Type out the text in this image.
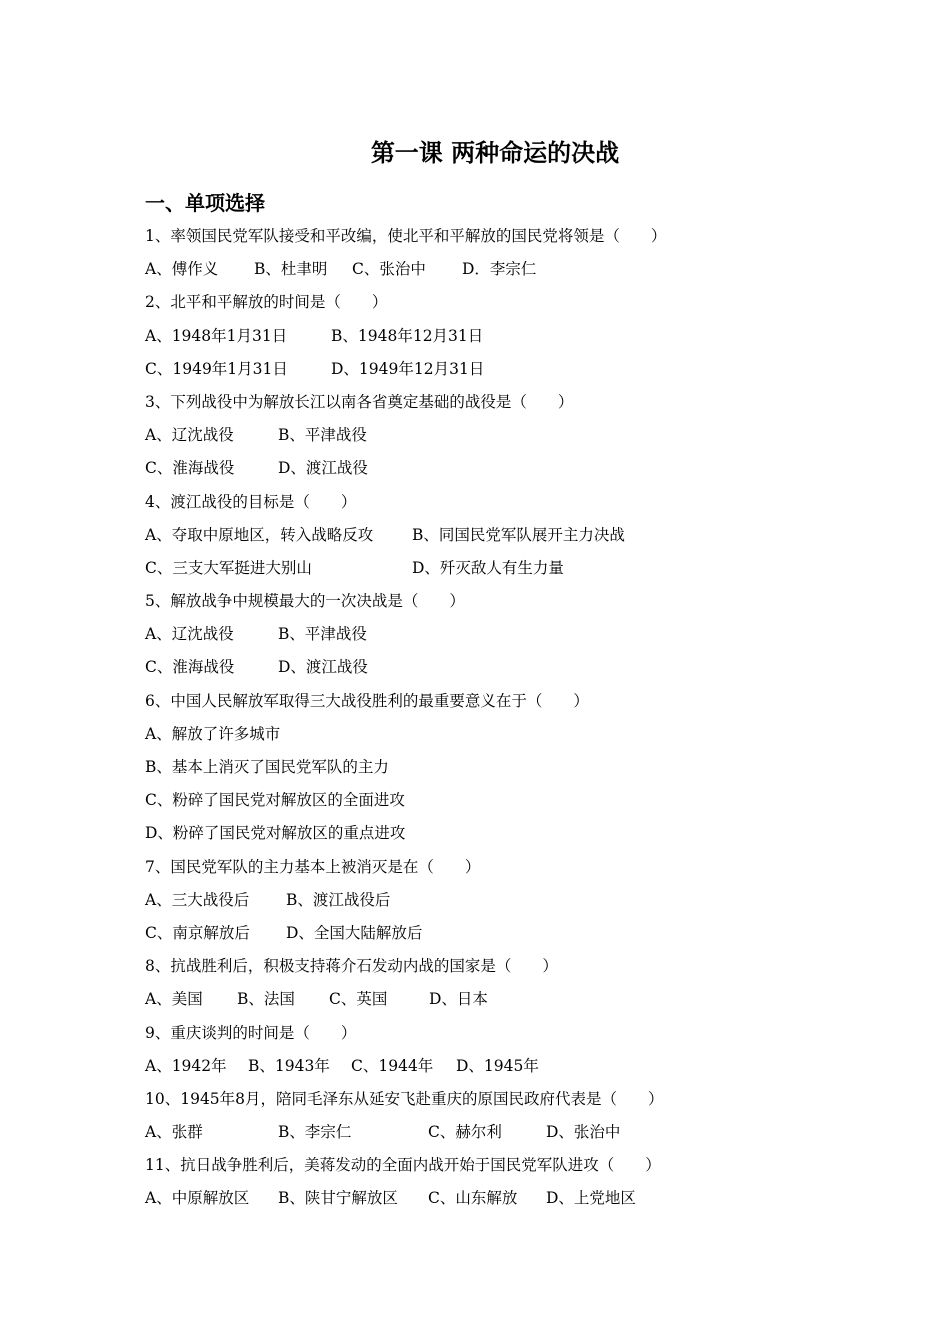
第一课 两种命运的决战
一、单项选择
1、率领国民党军队接受和平改编，使北平和平解放的国民党将领是（　　）
A、傅作义	B、杜聿明	C、张治中	D．李宗仁
2、北平和平解放的时间是（　　）
A、1948年1月31日	B、1948年12月31日
C、1949年1月31日	D、1949年12月31日
3、下列战役中为解放长江以南各省奠定基础的战役是（　　）
A、辽沈战役	B、平津战役
C、淮海战役	D、渡江战役
4、渡江战役的目标是（　　）
A、夺取中原地区，转入战略反攻	B、同国民党军队展开主力决战
C、三支大军挺进大别山	D、歼灭敌人有生力量
5、解放战争中规模最大的一次决战是（　　）
A、辽沈战役	B、平津战役
C、淮海战役	D、渡江战役
6、中国人民解放军取得三大战役胜利的最重要意义在于（　　）
A、解放了许多城市
B、基本上消灭了国民党军队的主力
C、粉碎了国民党对解放区的全面进攻
D、粉碎了国民党对解放区的重点进攻
7、国民党军队的主力基本上被消灭是在（　　）
A、三大战役后	B、渡江战役后
C、南京解放后	D、全国大陆解放后
8、抗战胜利后，积极支持蒋介石发动内战的国家是（　　）
A、美国	B、法国	C、英国	D、日本
9、重庆谈判的时间是（　　）
A、1942年	B、1943年	C、1944年	D、1945年
10、1945年8月，陪同毛泽东从延安飞赴重庆的原国民政府代表是（　　）
A、张群	B、李宗仁	C、赫尔利	D、张治中
11、抗日战争胜利后，美蒋发动的全面内战开始于国民党军队进攻（　　）
A、中原解放区	B、陕甘宁解放区	C、山东解放	D、上党地区
